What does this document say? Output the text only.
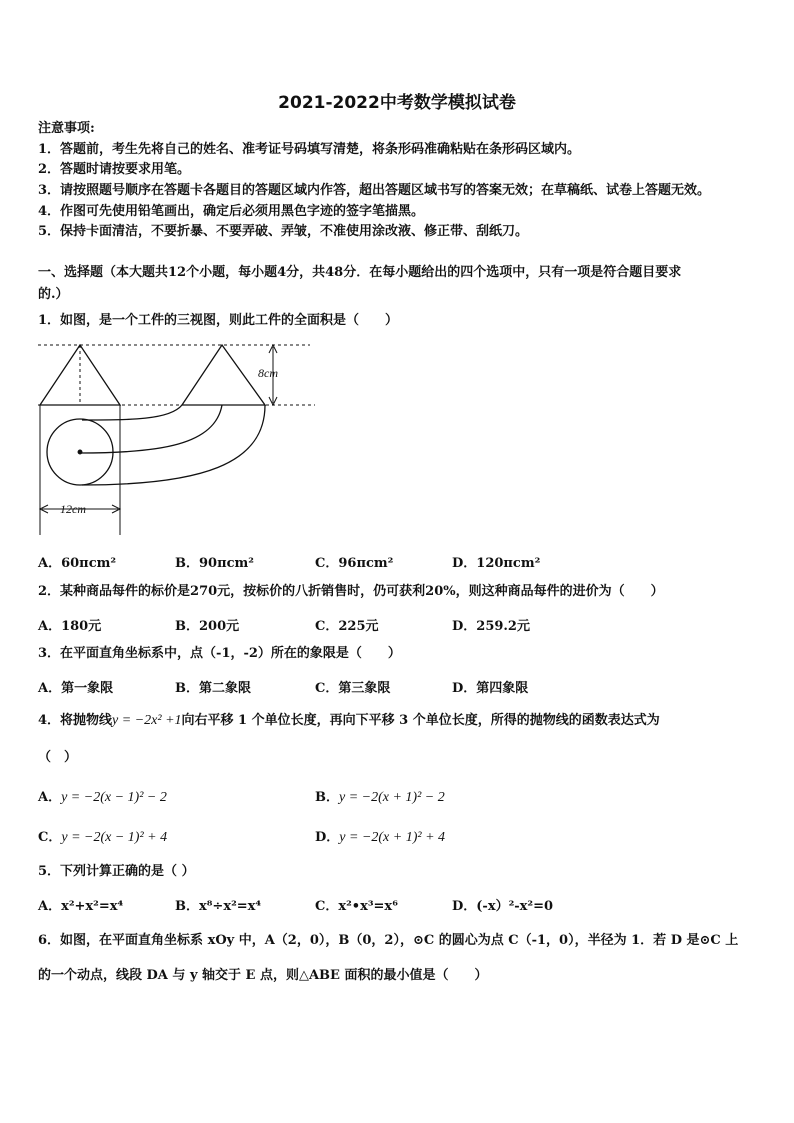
2021-2022中考数学模拟试卷
注意事项:
1．答题前，考生先将自己的姓名、准考证号码填写清楚，将条形码准确粘贴在条形码区域内。
2．答题时请按要求用笔。
3．请按照题号顺序在答题卡各题目的答题区域内作答，超出答题区域书写的答案无效；在草稿纸、试卷上答题无效。
4．作图可先使用铅笔画出，确定后必须用黑色字迹的签字笔描黑。
5．保持卡面清洁，不要折暴、不要弄破、弄皱，不准使用涂改液、修正带、刮纸刀。
一、选择题（本大题共12个小题，每小题4分，共48分．在每小题给出的四个选项中，只有一项是符合题目要求
的.）
1．如图，是一个工件的三视图，则此工件的全面积是（　　）
8cm
12cm
A．60πcm²	B．90πcm²	C．96πcm²	D．120πcm²
2．某种商品每件的标价是270元，按标价的八折销售时，仍可获利20%，则这种商品每件的进价为（　　）
A．180元	B．200元	C．225元	D．259.2元
3．在平面直角坐标系中，点（-1，-2）所在的象限是（　　）
A．第一象限	B．第二象限	C．第三象限	D．第四象限
4．将抛物线y = −2x² +1向右平移 1 个单位长度，再向下平移 3 个单位长度，所得的抛物线的函数表达式为
（　）
A．y = −2(x − 1)² − 2	B．y = −2(x + 1)² − 2
C．y = −2(x − 1)² + 4	D．y = −2(x + 1)² + 4
5．下列计算正确的是（ ）
A．x²+x²=x⁴	B．x⁸÷x²=x⁴	C．x²•x³=x⁶	D．(-x）²-x²=0
6．如图，在平面直角坐标系 xOy 中，A（2，0），B（0，2），⊙C 的圆心为点 C（-1，0），半径为 1．若 D 是⊙C 上
的一个动点，线段 DA 与 y 轴交于 E 点，则△ABE 面积的最小值是（　　）
